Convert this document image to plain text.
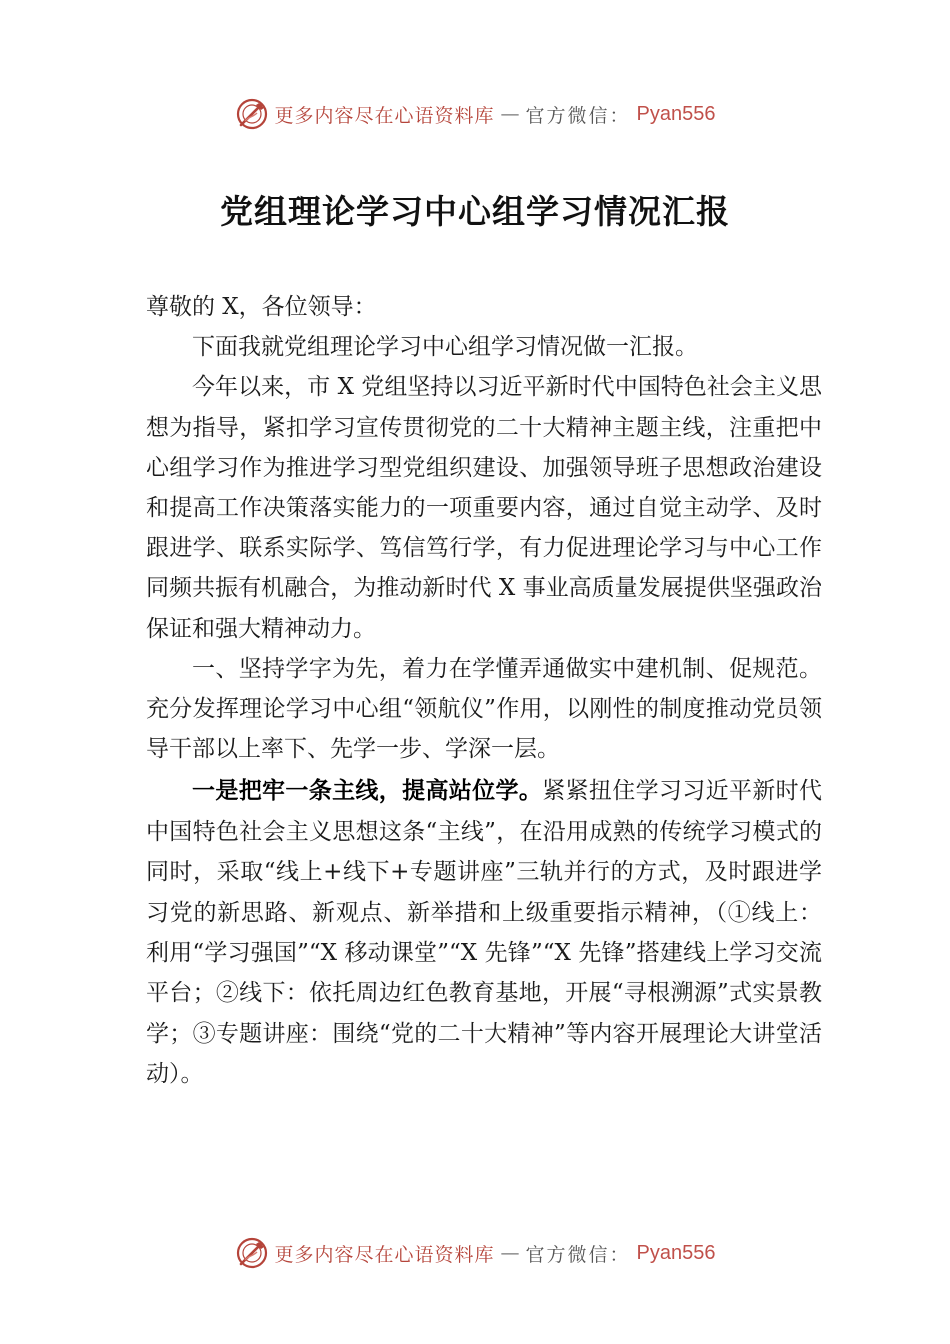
更多内容尽在心语资料库 — 官方微信： Pyan556
党组理论学习中心组学习情况汇报

尊敬的 X，各位领导：

下面我就党组理论学习中心组学习情况做一汇报。

今年以来，市 X 党组坚持以习近平新时代中国特色社会主义思想为指导，紧扣学习宣传贯彻党的二十大精神主题主线，注重把中心组学习作为推进学习型党组织建设、加强领导班子思想政治建设和提高工作决策落实能力的一项重要内容，通过自觉主动学、及时跟进学、联系实际学、笃信笃行学，有力促进理论学习与中心工作同频共振有机融合，为推动新时代 X 事业高质量发展提供坚强政治保证和强大精神动力。

一、坚持学字为先，着力在学懂弄通做实中建机制、促规范。充分发挥理论学习中心组“领航仪”作用，以刚性的制度推动党员领导干部以上率下、先学一步、学深一层。

一是把牢一条主线，提高站位学。紧紧扭住学习习近平新时代中国特色社会主义思想这条“主线”，在沿用成熟的传统学习模式的同时，采取“线上+线下+专题讲座”三轨并行的方式，及时跟进学习党的新思路、新观点、新举措和上级重要指示精神，（①线上：利用“学习强国”“X 移动课堂”“X 先锋”“X 先锋”搭建线上学习交流平台；②线下：依托周边红色教育基地，开展“寻根溯源”式实景教学；③专题讲座：围绕“党的二十大精神”等内容开展理论大讲堂活动）。

更多内容尽在心语资料库 — 官方微信： Pyan556
